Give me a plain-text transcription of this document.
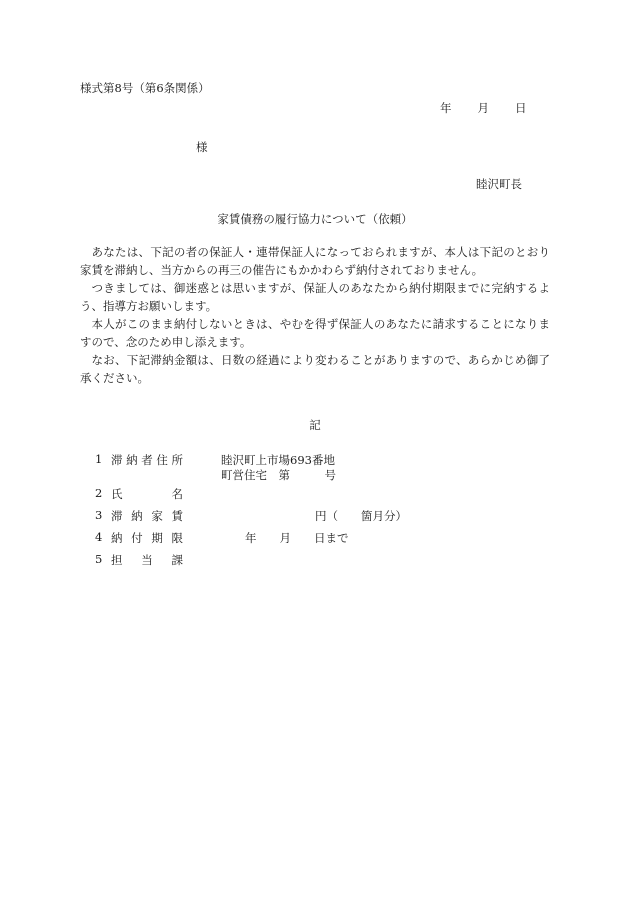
様式第8号（第6条関係）
年 月 日
様
睦沢町長
家賃債務の履行協力について（依頼）

あなたは、下記の者の保証人・連帯保証人になっておられますが、本人は下記のとおり家賃を滞納し、当方からの再三の催告にもかかわらず納付されておりません。

つきましては、御迷惑とは思いますが、保証人のあなたから納付期限までに完納するよう、指導方お願いします。

本人がこのまま納付しないときは、やむを得ず保証人のあなたに請求することになりますので、念のため申し添えます。

なお、下記滞納金額は、日数の経過により変わることがありますので、あらかじめ御了承ください。

記
1 滞 納 者 住 所	睦沢町上市場693番地
町営住宅　第　　　号
2 氏	名
3 滞 納 家 賃	円（　　箇月分）
4 納 付 期 限	年　　月　　日まで
5 担 当 課
